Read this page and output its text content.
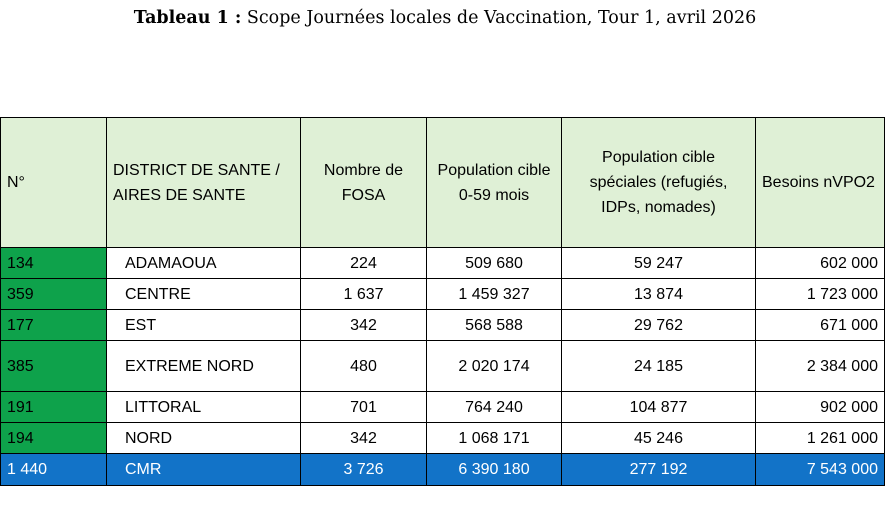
Tableau 1 : Scope Journées locales de Vaccination, Tour 1, avril 2026
N°	DISTRICT DE SANTE / AIRES DE SANTE	Nombre de FOSA	Population cible 0-59 mois	Population cible spéciales (refugiés, IDPs, nomades)	Besoins nVPO2
134	ADAMAOUA	224	509 680	59 247	602 000
359	CENTRE	1 637	1 459 327	13 874	1 723 000
177	EST	342	568 588	29 762	671 000
385	EXTREME NORD	480	2 020 174	24 185	2 384 000
191	LITTORAL	701	764 240	104 877	902 000
194	NORD	342	1 068 171	45 246	1 261 000
1 440	CMR	3 726	6 390 180	277 192	7 543 000
